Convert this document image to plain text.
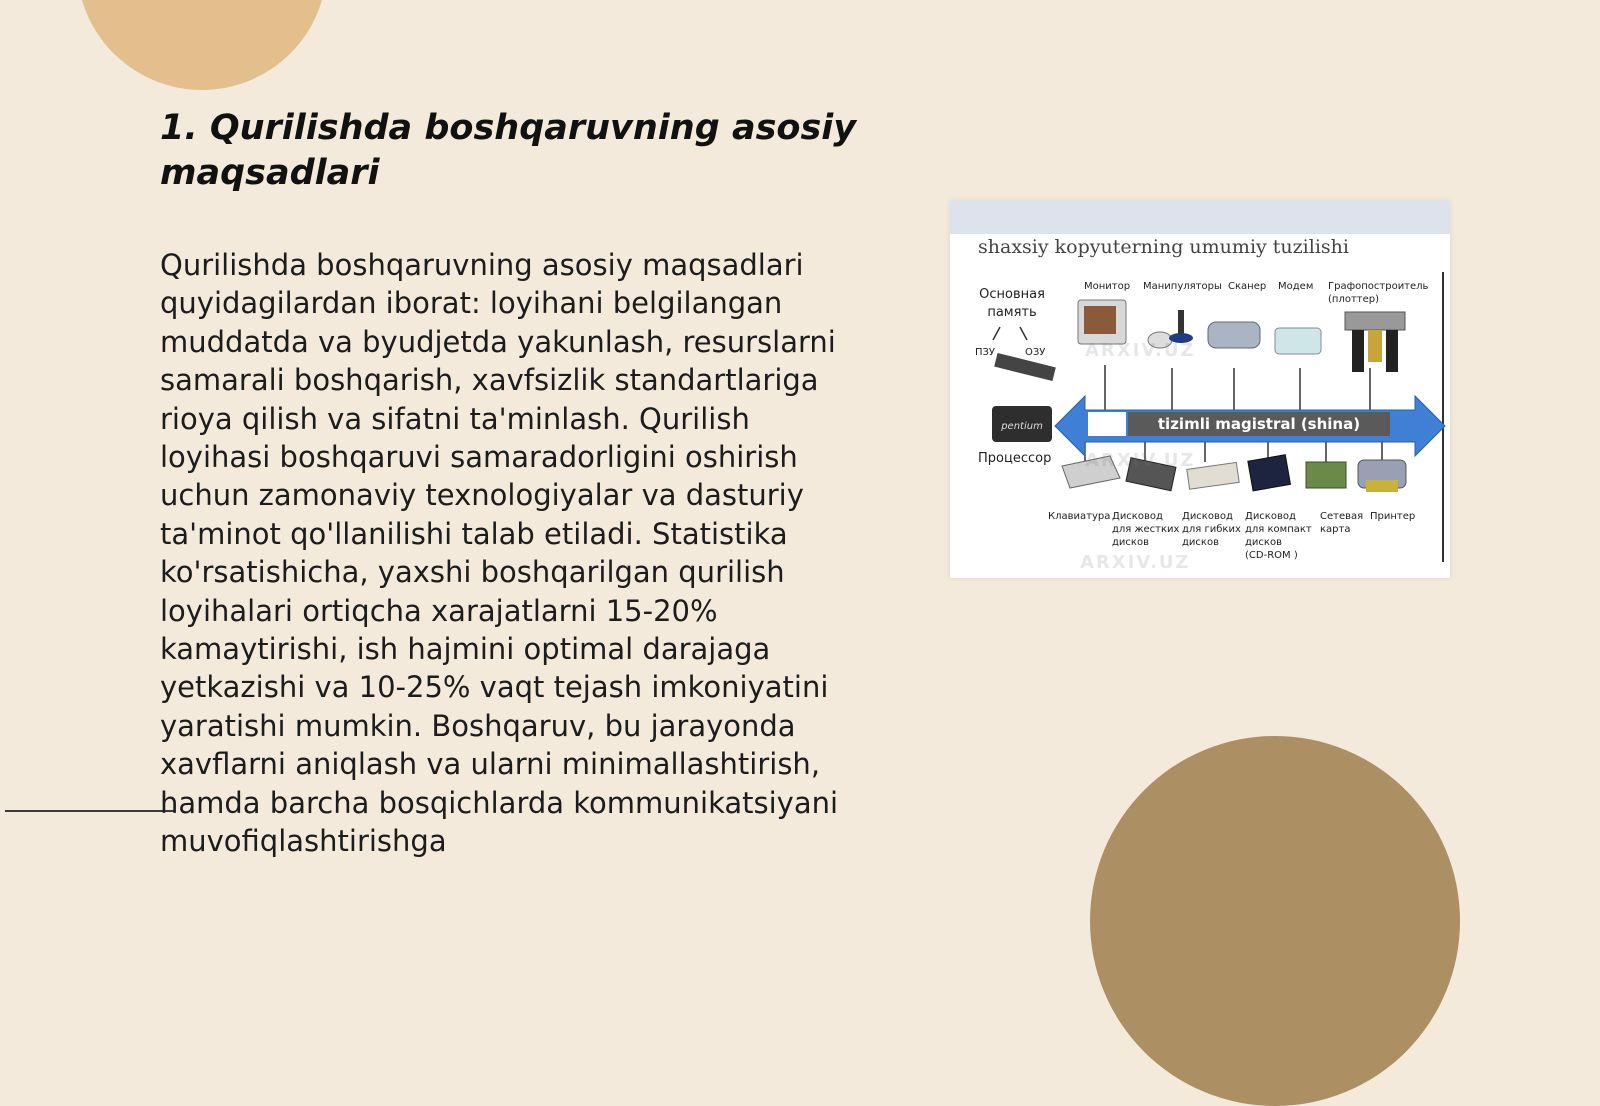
1. Qurilishda boshqaruvning asosiy
maqsadlari

Qurilishda boshqaruvning asosiy maqsadlari quyidagilardan iborat: loyihani belgilangan muddatda va byudjetda yakunlash, resurslarni samarali boshqarish, xavfsizlik standartlariga rioya qilish va sifatni ta'minlash. Qurilish loyihasi boshqaruvi samaradorligini oshirish uchun zamonaviy texnologiyalar va dasturiy ta'minot qo'llanilishi talab etiladi. Statistika ko'rsatishicha, yaxshi boshqarilgan qurilish loyihalari ortiqcha xarajatlarni 15-20% kamaytirishi, ish hajmini optimal darajaga yetkazishi va 10-25% vaqt tejash imkoniyatini yaratishi mumkin. Boshqaruv, bu jarayonda xavflarni aniqlash va ularni minimallashtirish, hamda barcha bosqichlarda kommunikatsiyani muvofiqlashtirishga

shaxsiy kopyuterning umumiy tuzilishi
pentium	tizimli magistral (shina)
Основная
память
ПЗУ	ОЗУ
Процессор
Монитор Манипуляторы Сканер Модем Графопостроитель
(плоттер)
Клавиатура Дисковод
для жестких
дисков
Дисковод
для гибких
дисков
Дисковод
для компакт
дисков
(CD-ROM )
Сетевая
карта
Принтер
ARXIV.UZ
ARXIV.UZ
ARXIV.UZ
